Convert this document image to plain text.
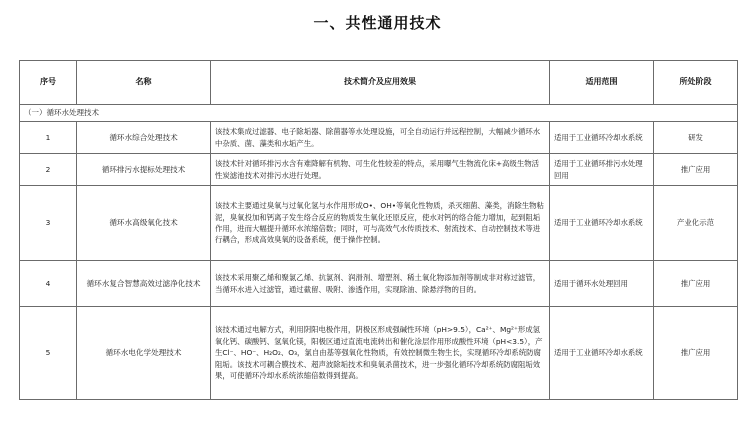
一、共性通用技术
序号	名称	技术简介及应用效果	适用范围	所处阶段
（一）循环水处理技术				
1	循环水综合处理技术	该技术集成过滤器、电子除垢器、除菌器等水处理设施，可全自动运行并远程控制，大幅减少循环水中杂质、菌、藻类和水垢产生。	适用于工业循环冷却水系统	研发
2	循环排污水提标处理技术	该技术针对循环排污水含有难降解有机物、可生化性较差的特点，采用曝气生物流化床+高级生物活性炭滤池技术对排污水进行处理。	适用于工业循环排污水处理回用	推广应用
3	循环水高级氧化技术	该技术主要通过臭氧与过氧化氢与水作用形成O•、OH•等氧化性物质，杀灭细菌、藻类，消除生物粘泥，臭氧投加和钙离子发生络合反应的物质发生氧化还原反应，使水对钙的络合能力增加，起到阻垢作用，进而大幅提升循环水浓缩倍数；同时，可与高效气水传质技术、射流技术、自动控制技术等进行耦合，形成高效臭氧的设备系统，便于操作控制。	适用于工业循环冷却水系统	产业化示范
4	循环水复合智慧高效过滤净化技术	该技术采用聚乙烯和聚氯乙烯、抗氯剂、润滑剂、增塑剂、稀土氧化物添加剂等制成非对称过滤管，当循环水进入过滤管，通过截留、吸附、渗透作用，实现除油、除悬浮物的目的。	适用于循环水处理回用	推广应用
5	循环水电化学处理技术	该技术通过电解方式，利用阴阳电极作用，阴极区形成强碱性环境（pH>9.5），Ca²⁺、Mg²⁺形成氢氧化钙、碳酸钙、氢氧化镁，阳极区通过直流电流转出和催化涂层作用形成酸性环境（pH<3.5），产生Cl⁻、HO⁻、H₂O₂、O₃，氯自由基等强氧化性物质，有效控制微生物生长，实现循环冷却系统防腐阻垢。该技术可耦合膜技术、超声波除垢技术和臭氧杀菌技术，进一步强化循环冷却系统防腐阻垢效果，可使循环冷却水系统浓缩倍数得到提高。	适用于工业循环冷却水系统	推广应用
